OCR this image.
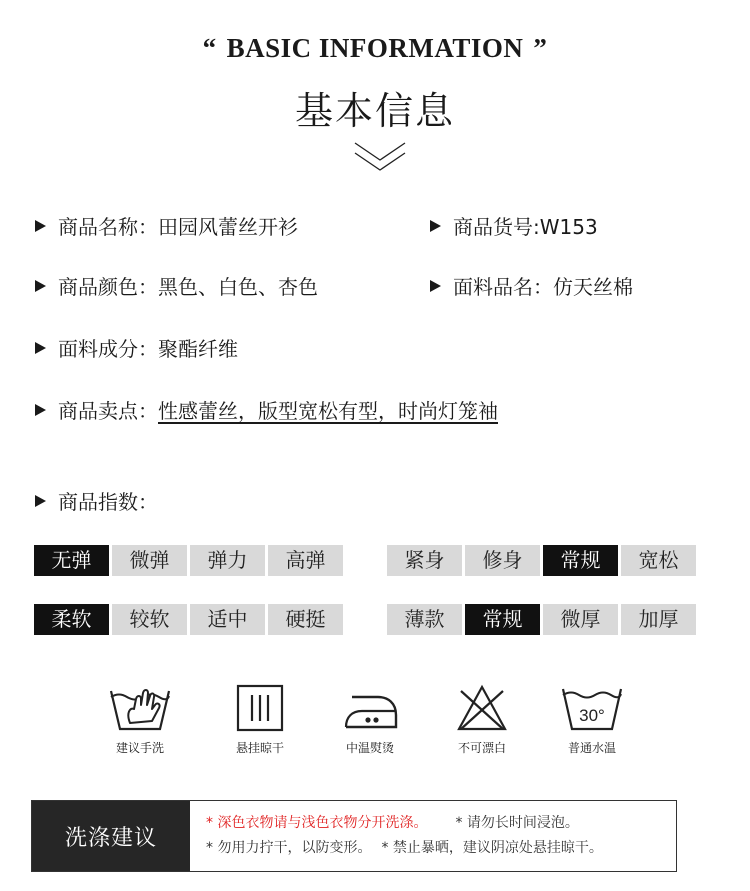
“ BASIC INFORMATION ”
基本信息
商品名称：田园风蕾丝开衫	商品货号:W153
商品颜色：黑色、白色、杏色	面料品名：仿天丝棉
面料成分：聚酯纤维
商品卖点：性感蕾丝，版型宽松有型，时尚灯笼袖
商品指数：
无弹	微弹	弹力	高弹	紧身	修身	常规	宽松
柔软	较软	适中	硬挺	薄款	常规	微厚	加厚
建议手洗	悬挂晾干	中温熨烫	不可漂白
30°
普通水温
洗涤建议
* 深色衣物请与浅色衣物分开洗涤。 * 请勿长时间浸泡。
* 勿用力拧干，以防变形。 * 禁止暴晒，建议阴凉处悬挂晾干。
